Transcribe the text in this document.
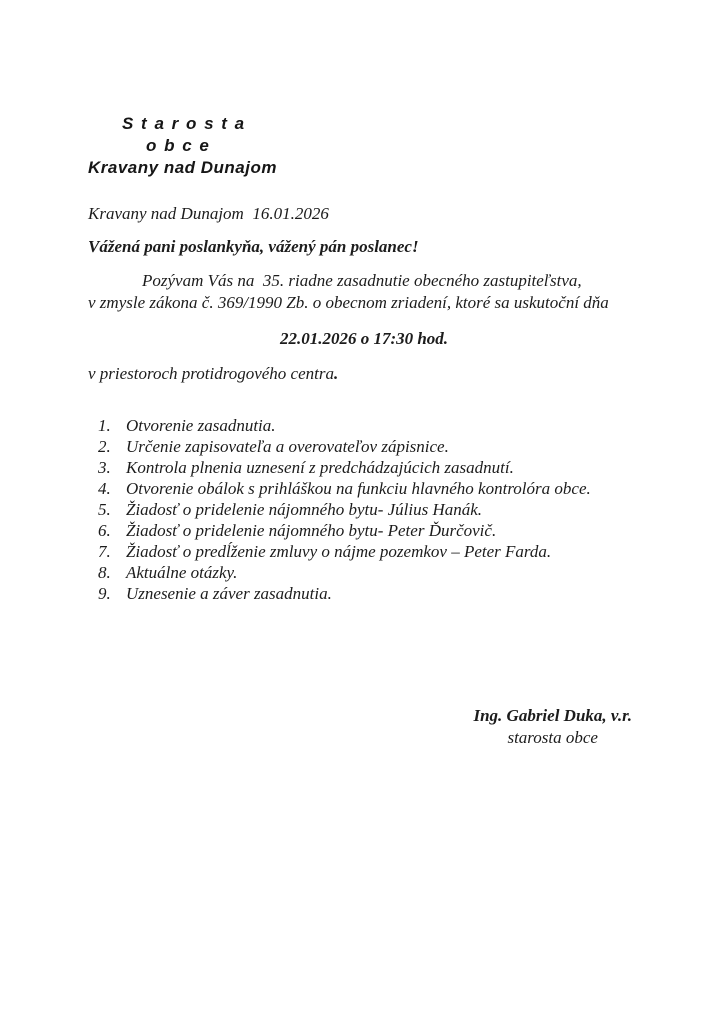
S t a r o s t a
o b c e
Kravany nad Dunajom
Kravany nad Dunajom  16.01.2026
Vážená pani poslankyňa, vážený pán poslanec!
Pozývam Vás na  35. riadne zasadnutie obecného zastupiteľstva,
v zmysle zákona č. 369/1990 Zb. o obecnom zriadení, ktoré sa uskutoční dňa
22.01.2026 o 17:30 hod.
v priestoroch protidrogového centra.
1. Otvorenie zasadnutia.
2. Určenie zapisovateľa a overovateľov zápisnice.
3. Kontrola plnenia uznesení z predchádzajúcich zasadnutí.
4. Otvorenie obálok s prihláškou na funkciu hlavného kontrolóra obce.
5. Žiadosť o pridelenie nájomného bytu- Július Hanák.
6. Žiadosť o pridelenie nájomného bytu- Peter Ďurčovič.
7. Žiadosť o predĺženie zmluvy o nájme pozemkov – Peter Farda.
8. Aktuálne otázky.
9. Uznesenie a záver zasadnutia.
Ing. Gabriel Duka, v.r.
starosta obce
